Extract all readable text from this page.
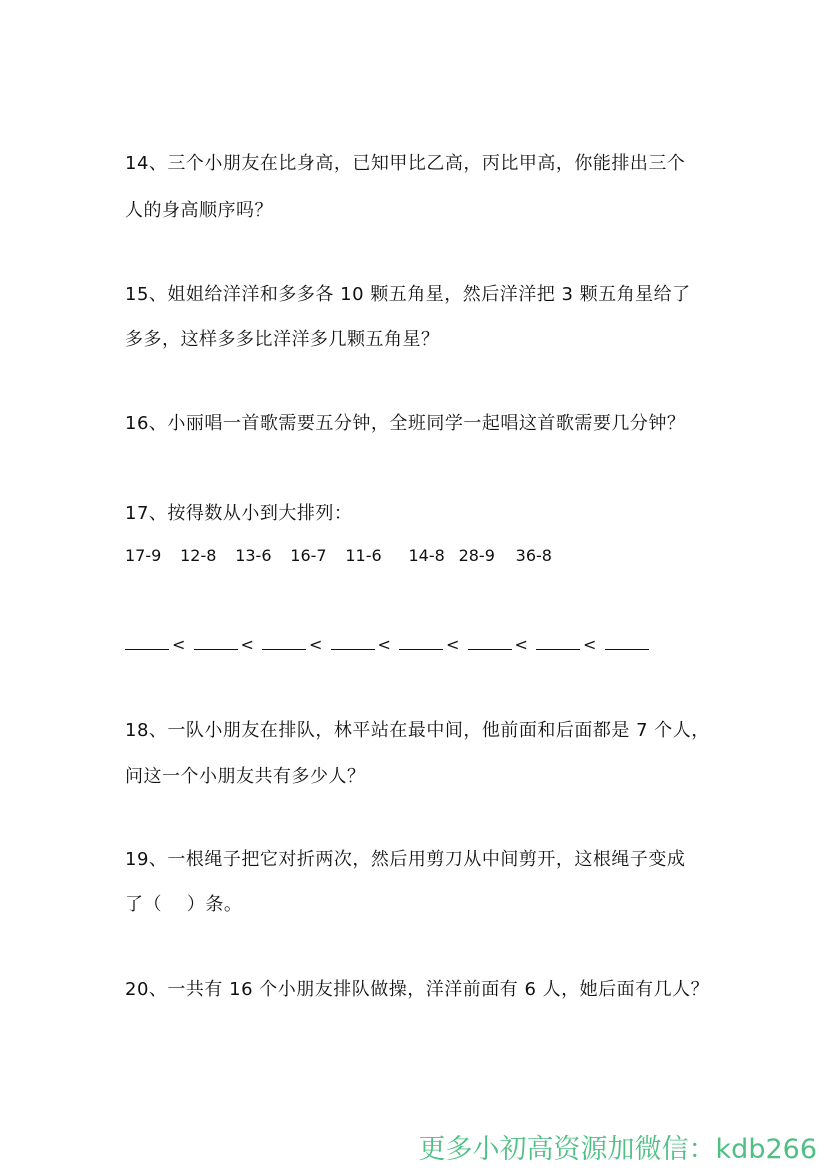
14、三个小朋友在比身高，已知甲比乙高，丙比甲高，你能排出三个
人的身高顺序吗？
15、姐姐给洋洋和多多各 10 颗五角星，然后洋洋把 3 颗五角星给了
多多，这样多多比洋洋多几颗五角星？
16、小丽唱一首歌需要五分钟，全班同学一起唱这首歌需要几分钟？
17、按得数从小到大排列：
17-9 12-8 13-6 16-7 11-6 14-8 28-9 36-8
<	<	<	<	<	<	<
18、一队小朋友在排队，林平站在最中间，他前面和后面都是 7 个人，
问这一个小朋友共有多少人？
19、一根绳子把它对折两次，然后用剪刀从中间剪开，这根绳子变成
了（    ）条。
20、一共有 16 个小朋友排队做操，洋洋前面有 6 人，她后面有几人？
更多小初高资源加微信：kdb266
